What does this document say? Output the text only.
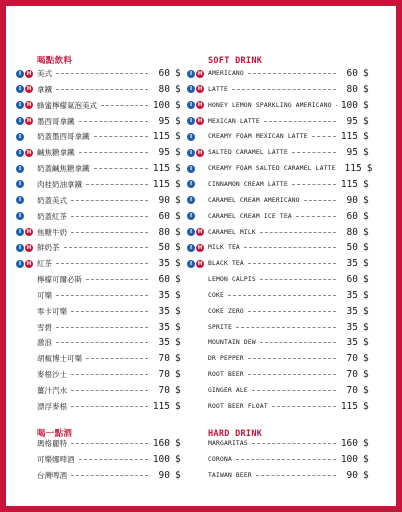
喝點飲料
I	H 美式	60 $
I	H 拿鐵	80 $
I	H 蜂蜜檸檬氣泡美式	100 $
I	H 墨西哥拿鐵	95 $
I	奶蓋墨西哥拿鐵	115 $
I	H 鹹焦糖拿鐵	95 $
I	奶蓋鹹焦糖拿鐵	115 $
I	肉桂奶油拿鐵	115 $
I	奶蓋美式	90 $
I	奶蓋紅茶	60 $
I	H 焦糖牛奶	80 $
I	H 鮮奶茶	50 $
I	H 紅茶	35 $
檸檬可爾必斯	60 $
可樂	35 $
零卡可樂	35 $
雪碧	35 $
激浪	35 $
胡椒博士可樂	70 $
麥根沙士	70 $
薑汁汽水	70 $
漂浮麥根	115 $
喝一點酒
瑪格麗特	160 $
可樂娜啤酒	100 $
台灣啤酒	90 $
SOFT DRINK
I	H AMERICANO	60 $
I	H LATTE	80 $
I	H HONEY LEMON SPARKLING AMERICANO 100 $
I	H MEXICAN LATTE	95 $
I	CREAMY FOAM MEXICAN LATTE	115 $
I	H SALTED CARAMEL LATTE	95 $
I	CREAMY FOAM SALTED CARAMEL LATTE 115 $
I	CINNAMON CREAM LATTE	115 $
I	CARAMEL CREAM AMERICANO	90 $
I	CARAMEL CREAM ICE TEA	60 $
I	H CARAMEL MILK	80 $
I	H MILK TEA	50 $
I	H BLACK TEA	35 $
LEMON CALPIS	60 $
COKE	35 $
COKE ZERO	35 $
SPRITE	35 $
MOUNTAIN DEW	35 $
DR PEPPER	70 $
ROOT BEER	70 $
GINGER ALE	70 $
ROOT BEER FLOAT	115 $
HARD DRINK
MARGARITAS	160 $
CORONA	100 $
TAIWAN BEER	90 $
